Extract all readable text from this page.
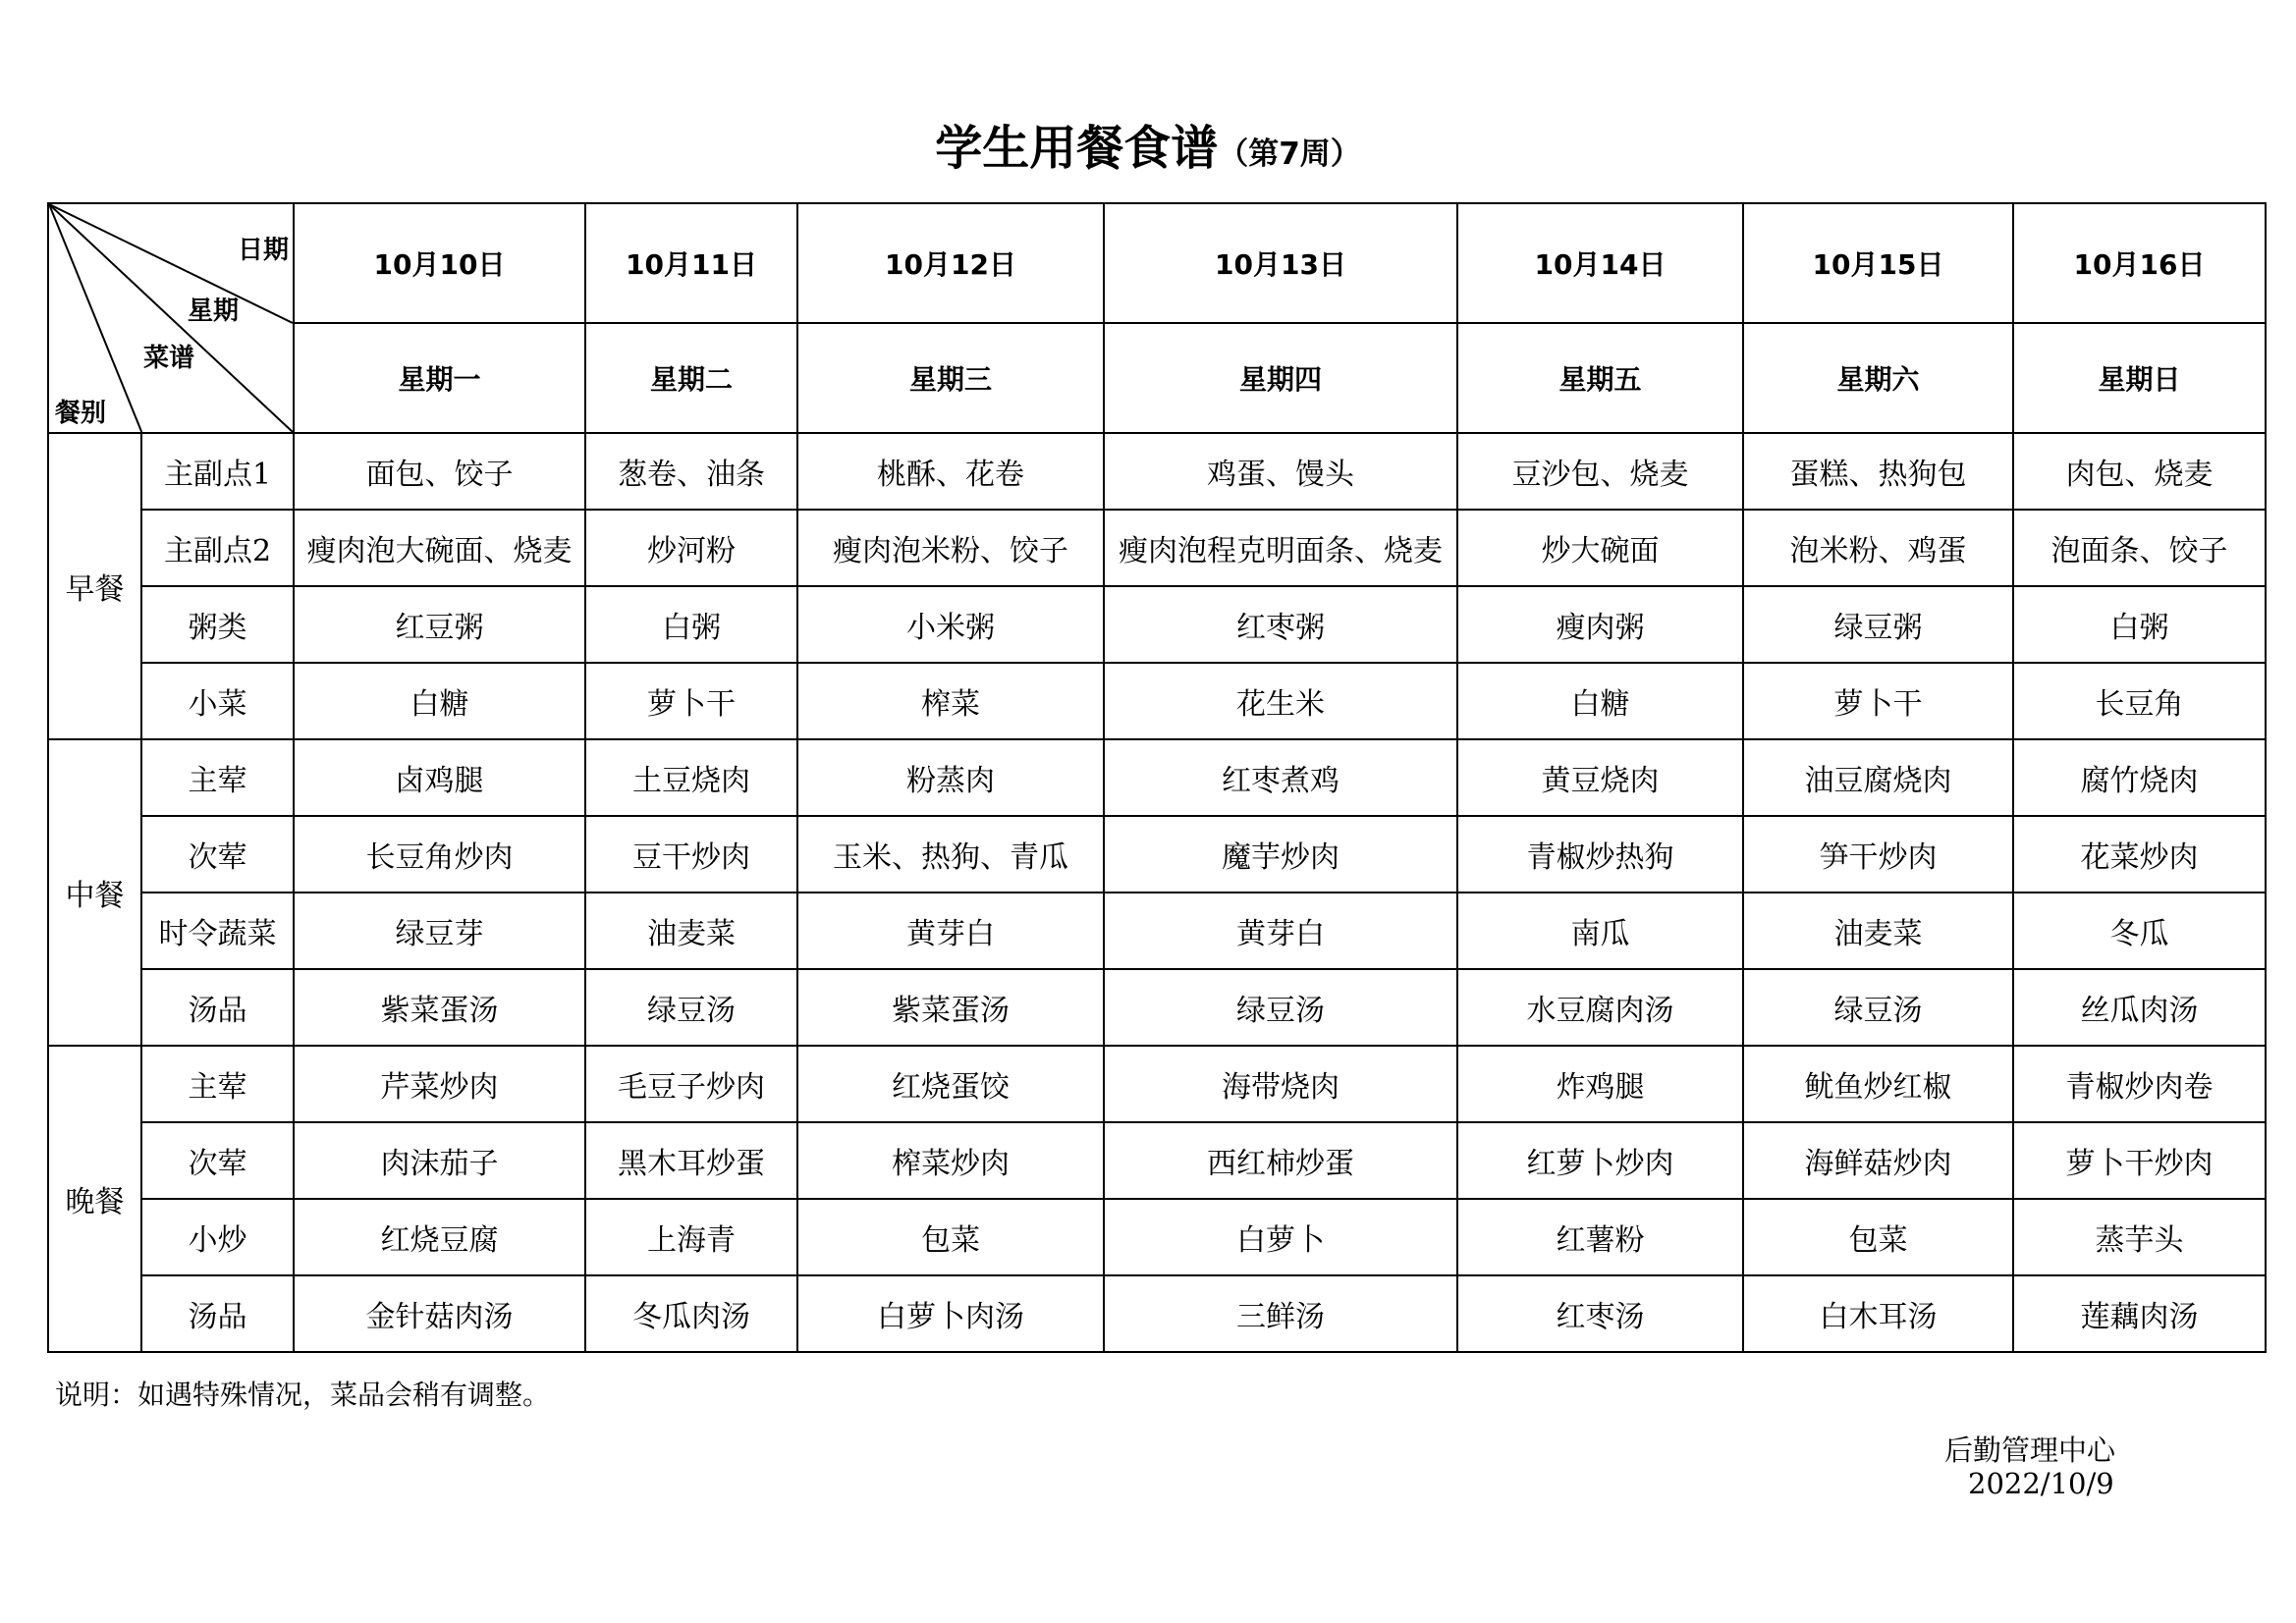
学生用餐食谱（第7周）
日期
星期
菜谱
餐别		10月10日	10月11日	10月12日	10月13日	10月14日	10月15日	10月16日
		星期一	星期二	星期三	星期四	星期五	星期六	星期日
早餐	主副点1	面包、饺子	葱卷、油条	桃酥、花卷	鸡蛋、馒头	豆沙包、烧麦	蛋糕、热狗包	肉包、烧麦
	主副点2	瘦肉泡大碗面、烧麦	炒河粉	瘦肉泡米粉、饺子	瘦肉泡程克明面条、烧麦	炒大碗面	泡米粉、鸡蛋	泡面条、饺子
	粥类	红豆粥	白粥	小米粥	红枣粥	瘦肉粥	绿豆粥	白粥
	小菜	白糖	萝卜干	榨菜	花生米	白糖	萝卜干	长豆角
中餐	主荤	卤鸡腿	土豆烧肉	粉蒸肉	红枣煮鸡	黄豆烧肉	油豆腐烧肉	腐竹烧肉
	次荤	长豆角炒肉	豆干炒肉	玉米、热狗、青瓜	魔芋炒肉	青椒炒热狗	笋干炒肉	花菜炒肉
	时令蔬菜	绿豆芽	油麦菜	黄芽白	黄芽白	南瓜	油麦菜	冬瓜
	汤品	紫菜蛋汤	绿豆汤	紫菜蛋汤	绿豆汤	水豆腐肉汤	绿豆汤	丝瓜肉汤
晚餐	主荤	芹菜炒肉	毛豆子炒肉	红烧蛋饺	海带烧肉	炸鸡腿	鱿鱼炒红椒	青椒炒肉卷
	次荤	肉沫茄子	黑木耳炒蛋	榨菜炒肉	西红柿炒蛋	红萝卜炒肉	海鲜菇炒肉	萝卜干炒肉
	小炒	红烧豆腐	上海青	包菜	白萝卜	红薯粉	包菜	蒸芋头
	汤品	金针菇肉汤	冬瓜肉汤	白萝卜肉汤	三鲜汤	红枣汤	白木耳汤	莲藕肉汤
说明：如遇特殊情况，菜品会稍有调整。
后勤管理中心
2022/10/9
